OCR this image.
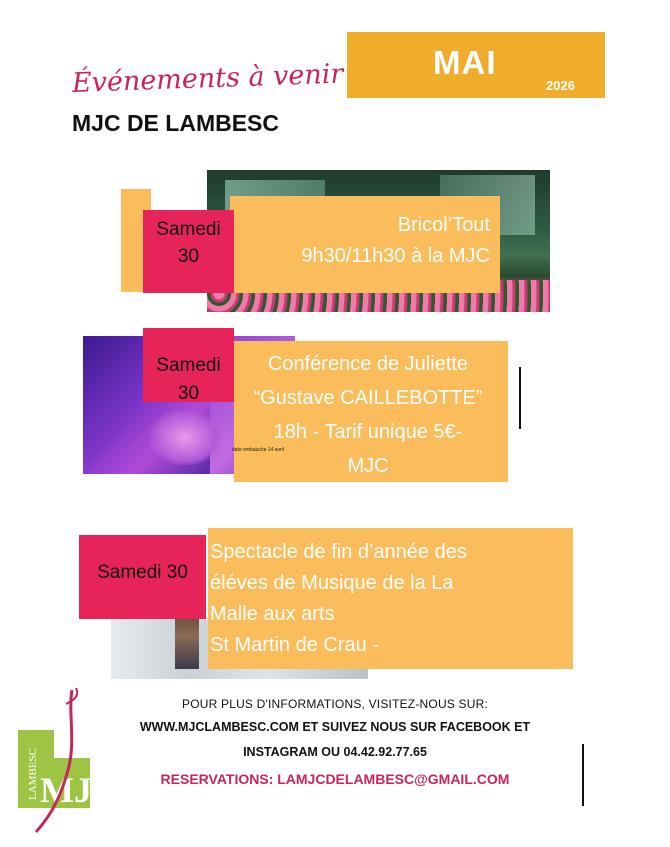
MAI
2026
Événements à venir
MJC DE LAMBESC
Samedi
30
Bricol’Tout
9h30/11h30 à la MJC
Samedi
30
Conférence de Juliette
“Gustave CAILLEBOTTE”
18h - Tarif unique 5€-
MJC
date embauche 14 avril
Samedi 30
Spectacle de fin d’année des
éléves de Musique de la La
Malle aux arts
St Martin de Crau -
POUR PLUS D'INFORMATIONS, VISITEZ-NOUS SUR:
WWW.MJCLAMBESC.COM ET SUIVEZ NOUS SUR FACEBOOK ET
INSTAGRAM OU 04.42.92.77.65
RESERVATIONS: LAMJCDELAMBESC@GMAIL.COM
LAMBESC MJC
